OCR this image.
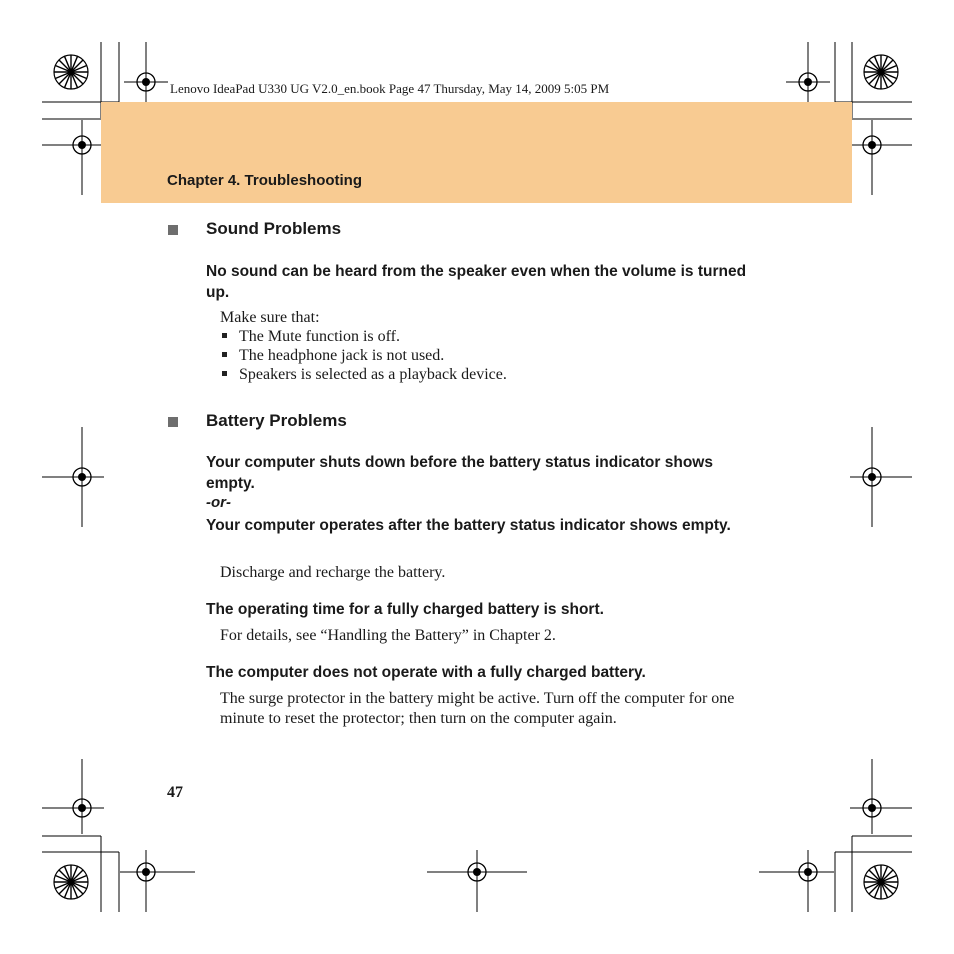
Lenovo IdeaPad U330 UG V2.0_en.book Page 47 Thursday, May 14, 2009 5:05 PM
Chapter 4. Troubleshooting
Sound Problems
No sound can be heard from the speaker even when the volume is turned up.
Make sure that:
The Mute function is off.
The headphone jack is not used.
Speakers is selected as a playback device.
Battery Problems
Your computer shuts down before the battery status indicator shows empty.
-or-
Your computer operates after the battery status indicator shows empty.
Discharge and recharge the battery.
The operating time for a fully charged battery is short.
For details, see “Handling the Battery” in Chapter 2.
The computer does not operate with a fully charged battery.
The surge protector in the battery might be active. Turn off the computer for one minute to reset the protector; then turn on the computer again.
47
